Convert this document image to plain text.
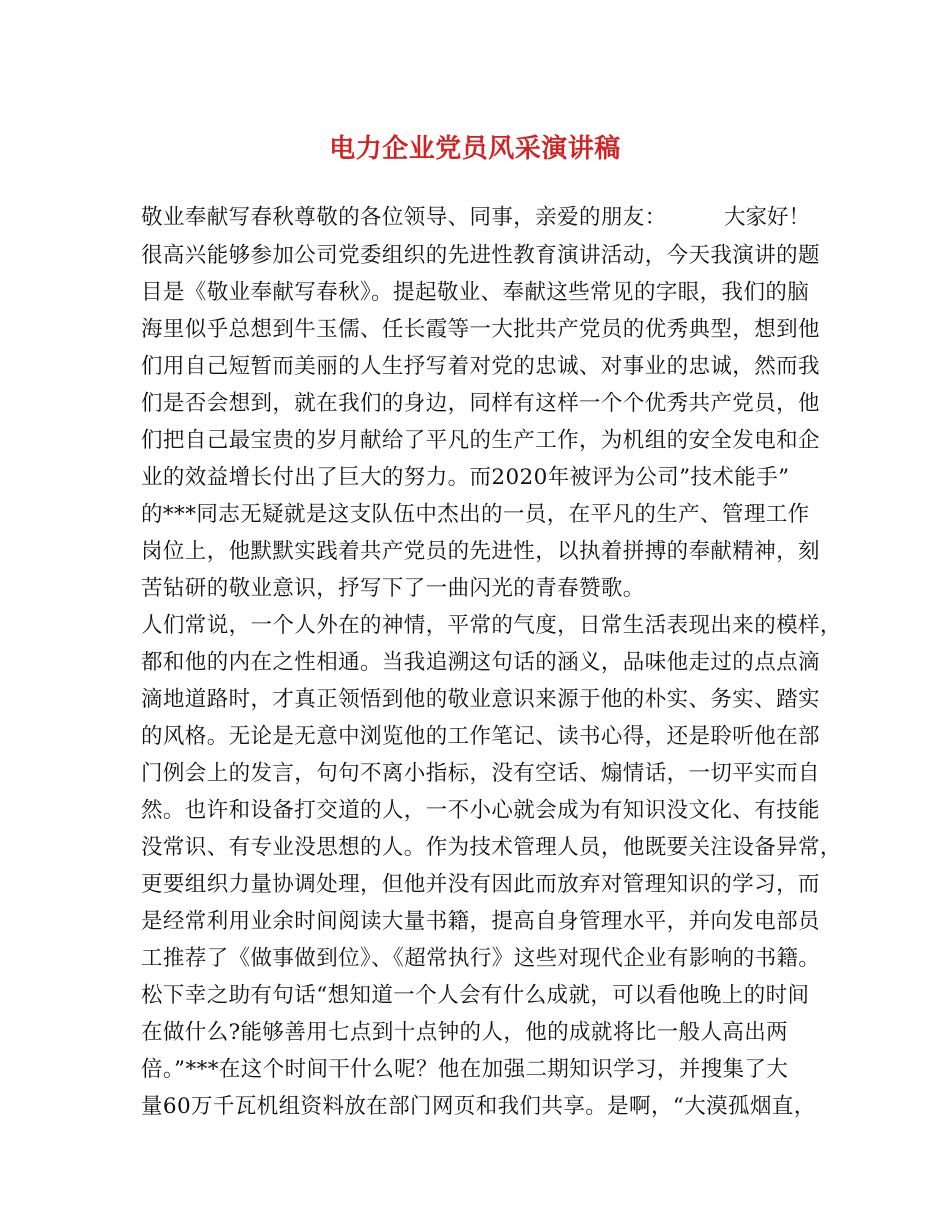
电力企业党员风采演讲稿
敬业奉献写春秋尊敬的各位领导、同事，亲爱的朋友：	大家好！
很高兴能够参加公司党委组织的先进性教育演讲活动，今天我演讲的题
目是《敬业奉献写春秋》。提起敬业、奉献这些常见的字眼，我们的脑
海里似乎总想到牛玉儒、任长霞等一大批共产党员的优秀典型，想到他
们用自己短暂而美丽的人生抒写着对党的忠诚、对事业的忠诚，然而我
们是否会想到，就在我们的身边，同样有这样一个个优秀共产党员，他
们把自己最宝贵的岁月献给了平凡的生产工作，为机组的安全发电和企
业的效益增长付出了巨大的努力。而2020年被评为公司”技术能手”
的***同志无疑就是这支队伍中杰出的一员，在平凡的生产、管理工作
岗位上，他默默实践着共产党员的先进性，以执着拼搏的奉献精神，刻
苦钻研的敬业意识，抒写下了一曲闪光的青春赞歌。
人们常说，一个人外在的神情，平常的气度，日常生活表现出来的模样，
都和他的内在之性相通。当我追溯这句话的涵义，品味他走过的点点滴
滴地道路时，才真正领悟到他的敬业意识来源于他的朴实、务实、踏实
的风格。无论是无意中浏览他的工作笔记、读书心得，还是聆听他在部
门例会上的发言，句句不离小指标，没有空话、煽情话，一切平实而自
然。也许和设备打交道的人，一不小心就会成为有知识没文化、有技能
没常识、有专业没思想的人。作为技术管理人员，他既要关注设备异常，
更要组织力量协调处理，但他并没有因此而放弃对管理知识的学习，而
是经常利用业余时间阅读大量书籍，提高自身管理水平，并向发电部员
工推荐了《做事做到位》、《超常执行》这些对现代企业有影响的书籍。
松下幸之助有句话“想知道一个人会有什么成就，可以看他晚上的时间
在做什么?能够善用七点到十点钟的人，他的成就将比一般人高出两
倍。”***在这个时间干什么呢？他在加强二期知识学习，并搜集了大
量60万千瓦机组资料放在部门网页和我们共享。是啊，“大漠孤烟直，
